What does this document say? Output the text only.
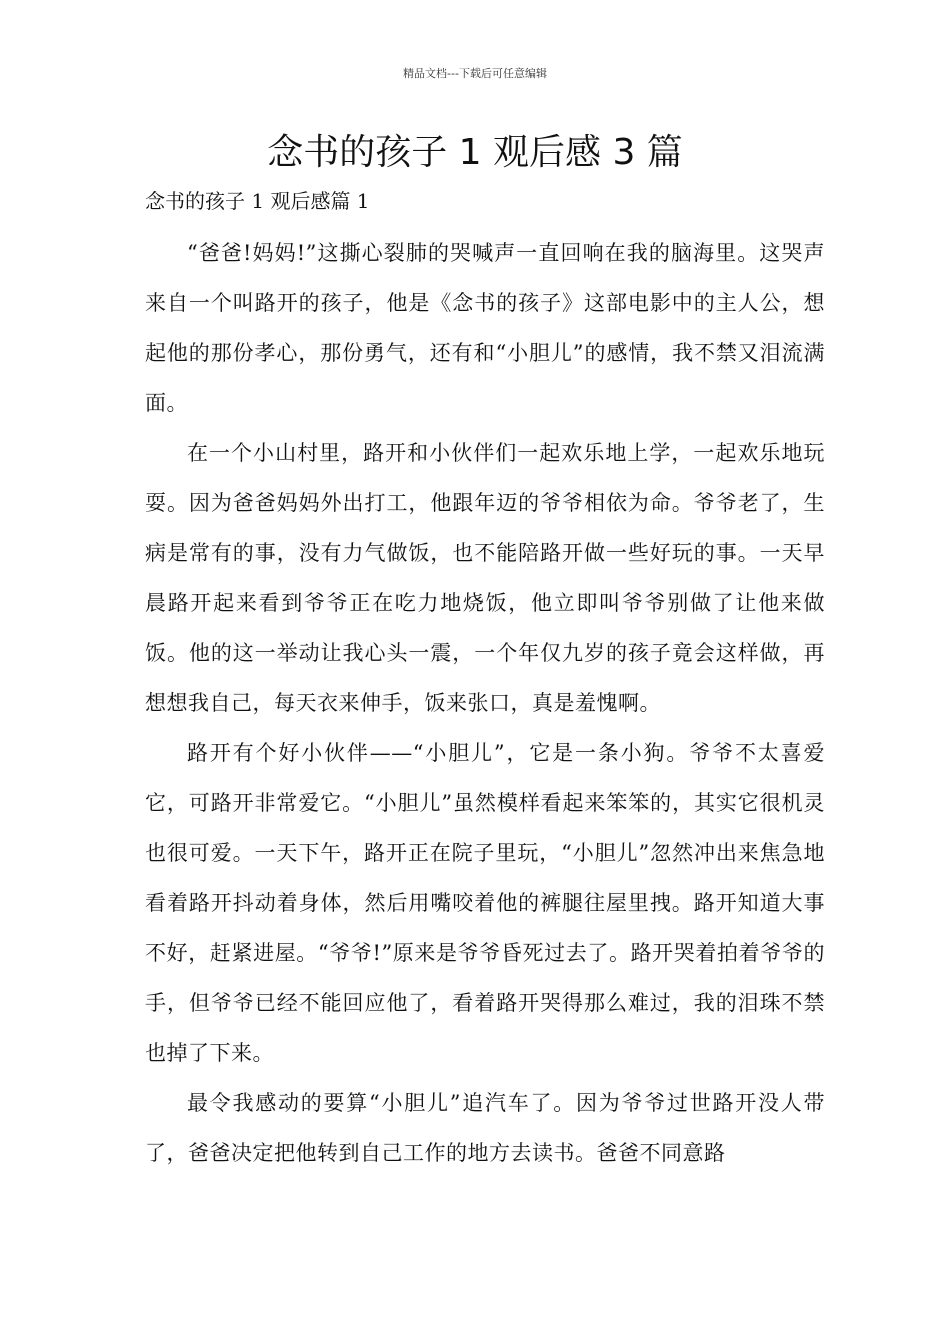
精品文档---下载后可任意编辑
念书的孩子 1 观后感 3 篇
念书的孩子 1 观后感篇 1

“爸爸!妈妈!”这撕心裂肺的哭喊声一直回响在我的脑海里。这哭声来自一个叫路开的孩子，他是《念书的孩子》这部电影中的主人公，想起他的那份孝心，那份勇气，还有和“小胆儿”的感情，我不禁又泪流满面。

在一个小山村里，路开和小伙伴们一起欢乐地上学，一起欢乐地玩耍。因为爸爸妈妈外出打工，他跟年迈的爷爷相依为命。爷爷老了，生病是常有的事，没有力气做饭，也不能陪路开做一些好玩的事。一天早晨路开起来看到爷爷正在吃力地烧饭，他立即叫爷爷别做了让他来做饭。他的这一举动让我心头一震，一个年仅九岁的孩子竟会这样做，再想想我自己，每天衣来伸手，饭来张口，真是羞愧啊。

路开有个好小伙伴——“小胆儿”，它是一条小狗。爷爷不太喜爱它，可路开非常爱它。“小胆儿”虽然模样看起来笨笨的，其实它很机灵也很可爱。一天下午，路开正在院子里玩，“小胆儿”忽然冲出来焦急地看着路开抖动着身体，然后用嘴咬着他的裤腿往屋里拽。路开知道大事不好，赶紧进屋。“爷爷!”原来是爷爷昏死过去了。路开哭着拍着爷爷的手，但爷爷已经不能回应他了，看着路开哭得那么难过，我的泪珠不禁也掉了下来。

最令我感动的要算“小胆儿”追汽车了。因为爷爷过世路开没人带了，爸爸决定把他转到自己工作的地方去读书。爸爸不同意路
